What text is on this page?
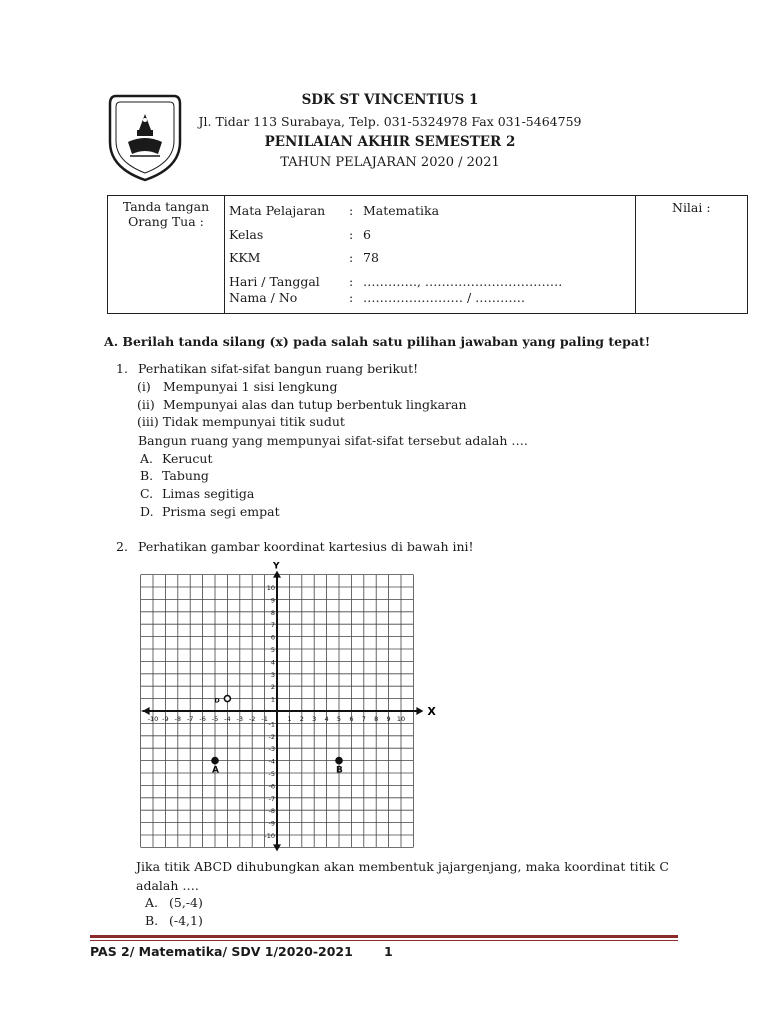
SDK ST VINCENTIUS 1
Jl. Tidar 113 Surabaya, Telp. 031-5324978 Fax 031-5464759
PENILAIAN AKHIR SEMESTER 2
TAHUN PELAJARAN 2020 / 2021
Tanda tangan Orang Tua :	
Mata Pelajaran : Matematika
Kelas	: 6
KKM	: 78
Hari / Tanggal : …………., ……………………………
Nama / No	: …………………… / …………
	Nilai :
A. Berilah tanda silang (x) pada salah satu pilihan jawaban yang paling tepat!
1. Perhatikan sifat-sifat bangun ruang berikut!
(i) Mempunyai 1 sisi lengkung
(ii) Mempunyai alas dan tutup berbentuk lingkaran
(iii) Tidak mempunyai titik sudut
Bangun ruang yang mempunyai sifat-sifat tersebut adalah ….
A. Kerucut
B. Tabung
C. Limas segitiga
D. Prisma segi empat
2. Perhatikan gambar koordinat kartesius di bawah ini!
X
Y
-10 -9 -8 -7 -6 -5 -4 -3 -2 -1	1 2 3 4 5 6 7 8 9 10
10
9
8
7
6
5
4
3
2
1
-1
-2
-3
-4
-5
-6
-7
-8
-9
-10
A	B
D
Jika titik ABCD dihubungkan akan membentuk jajargenjang, maka koordinat titik C
adalah ….
A. (5,-4)
B. (-4,1)
PAS 2/ Matematika/ SDV 1/2020-2021 1
